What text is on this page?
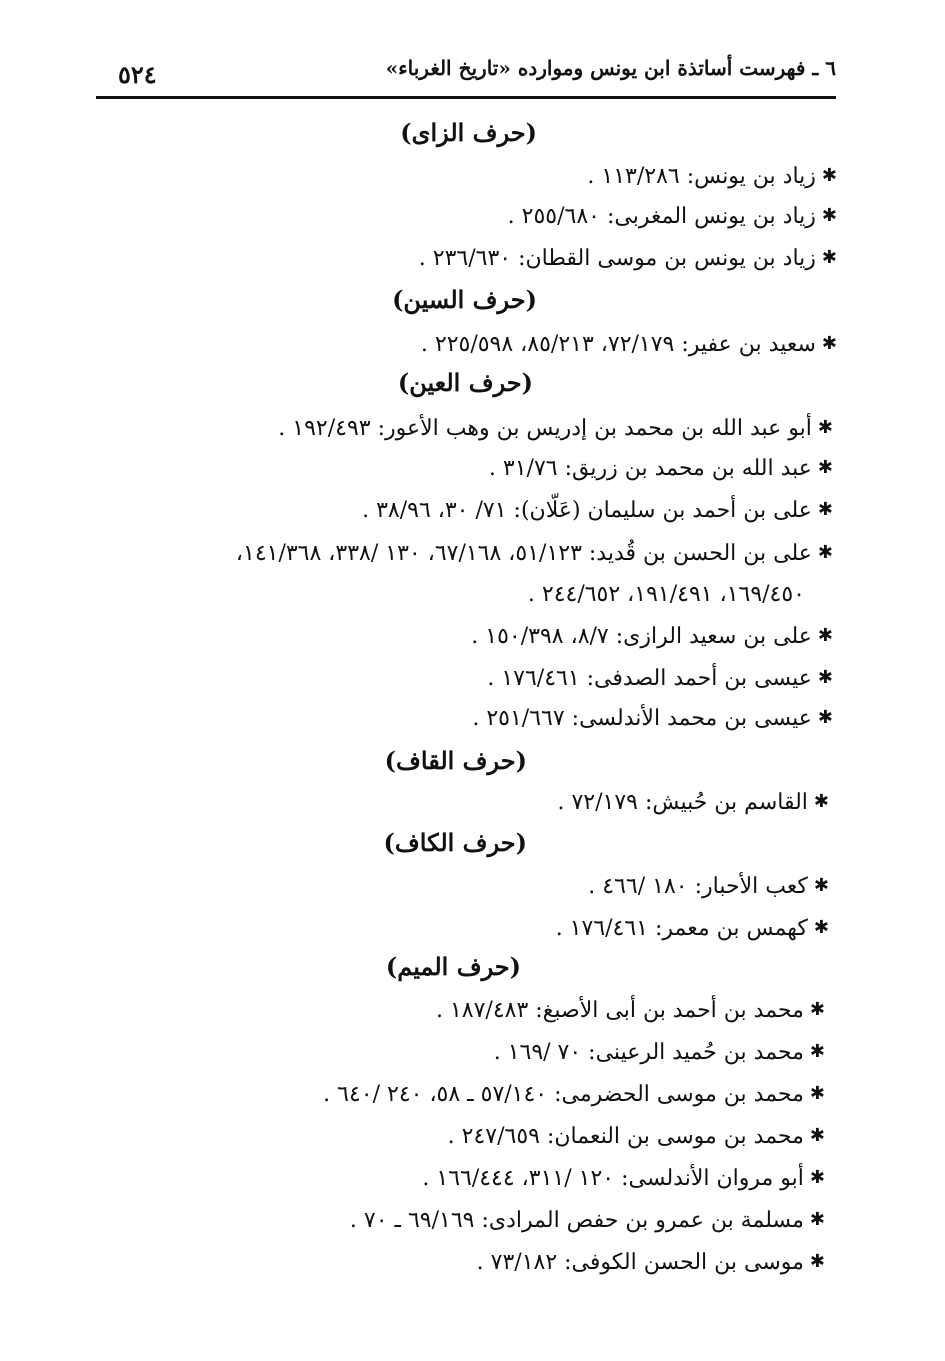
٥٢٤	٦ ـ فهرست أساتذة ابن يونس وموارده «تاريخ الغرباء»
(حرف الزاى)
✱زياد بن يونس: ١١٣/٢٨٦ .
✱زياد بن يونس المغربى: ٢٥٥/٦٨٠ .
✱زياد بن يونس بن موسى القطان: ٢٣٦/٦٣٠ .
(حرف السين)
✱سعيد بن عفير: ٧٢/١٧٩، ٨٥/٢١٣، ٢٢٥/٥٩٨ .
(حرف العين)
✱أبو عبد الله بن محمد بن إدريس بن وهب الأعور: ١٩٢/٤٩٣ .
✱عبد الله بن محمد بن زريق: ٣١/٧٦ .
✱على بن أحمد بن سليمان (عَلّان): ٧١/ ٣٠، ٣٨/٩٦ .
✱على بن الحسن بن قُديد: ٥١/١٢٣، ٦٧/١٦٨، ١٣٠ /٣٣٨، ١٤١/٣٦٨،
١٦٩/٤٥٠، ١٩١/٤٩١، ٢٤٤/٦٥٢ .
✱على بن سعيد الرازى: ٨/٧، ١٥٠/٣٩٨ .
✱عيسى بن أحمد الصدفى: ١٧٦/٤٦١ .
✱عيسى بن محمد الأندلسى: ٢٥١/٦٦٧ .
(حرف القاف)
✱القاسم بن حُبيش: ٧٢/١٧٩ .
(حرف الكاف)
✱كعب الأحبار: ١٨٠ /٤٦٦ .
✱كهمس بن معمر: ١٧٦/٤٦١ .
(حرف الميم)
✱محمد بن أحمد بن أبى الأصبغ: ١٨٧/٤٨٣ .
✱محمد بن حُميد الرعينى: ٧٠ /١٦٩ .
✱محمد بن موسى الحضرمى: ٥٧/١٤٠ ـ ٥٨، ٢٤٠ /٦٤٠ .
✱محمد بن موسى بن النعمان: ٢٤٧/٦٥٩ .
✱أبو مروان الأندلسى: ١٢٠ /٣١١، ١٦٦/٤٤٤ .
✱مسلمة بن عمرو بن حفص المرادى: ٦٩/١٦٩ ـ ٧٠ .
✱موسى بن الحسن الكوفى: ٧٣/١٨٢ .
